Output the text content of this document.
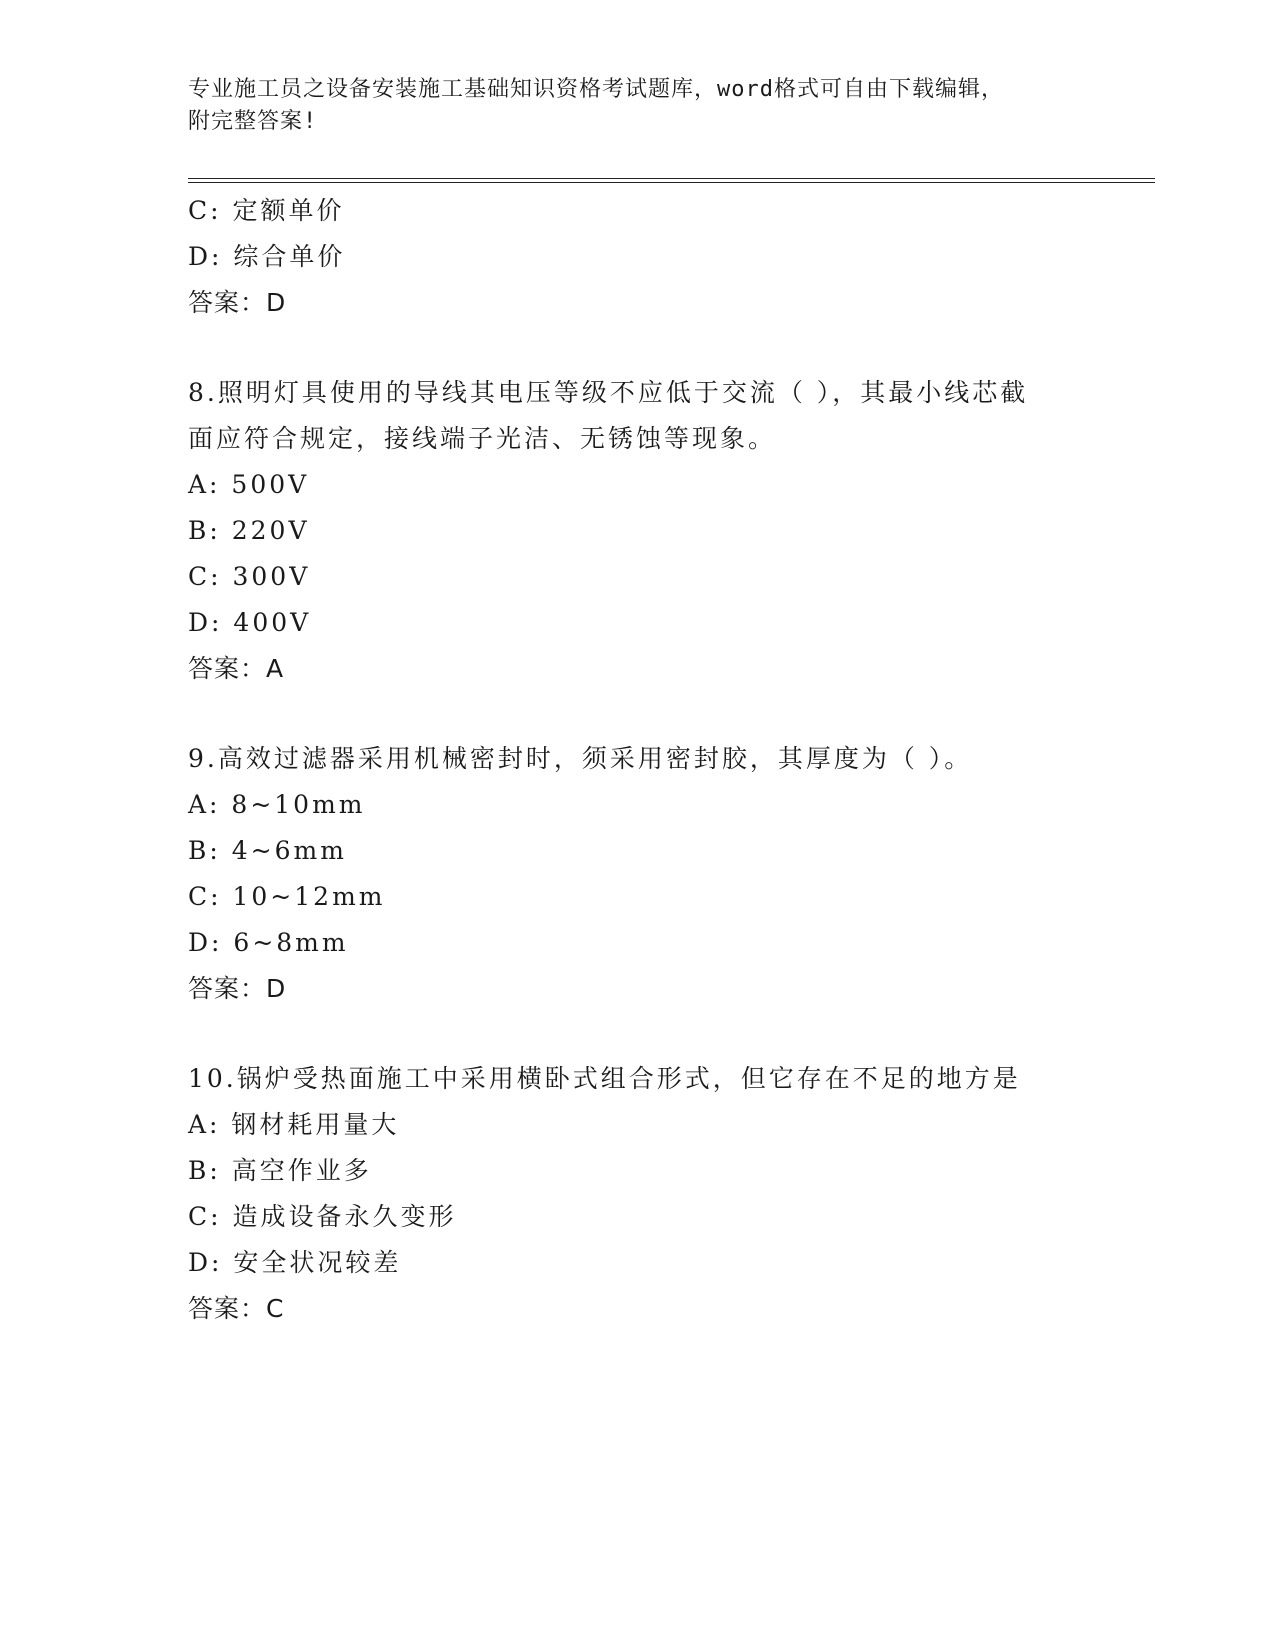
专业施工员之设备安装施工基础知识资格考试题库，word格式可自由下载编辑，
附完整答案!
C: 定额单价
D: 综合单价
答案：D
8.照明灯具使用的导线其电压等级不应低于交流（ ），其最小线芯截
面应符合规定，接线端子光洁、无锈蚀等现象。
A: 500V
B: 220V
C: 300V
D: 400V
答案：A
9.高效过滤器采用机械密封时，须采用密封胶，其厚度为（ ）。
A: 8~10mm
B: 4~6mm
C: 10~12mm
D: 6~8mm
答案：D
10.锅炉受热面施工中采用横卧式组合形式，但它存在不足的地方是
A: 钢材耗用量大
B: 高空作业多
C: 造成设备永久变形
D: 安全状况较差
答案：C
